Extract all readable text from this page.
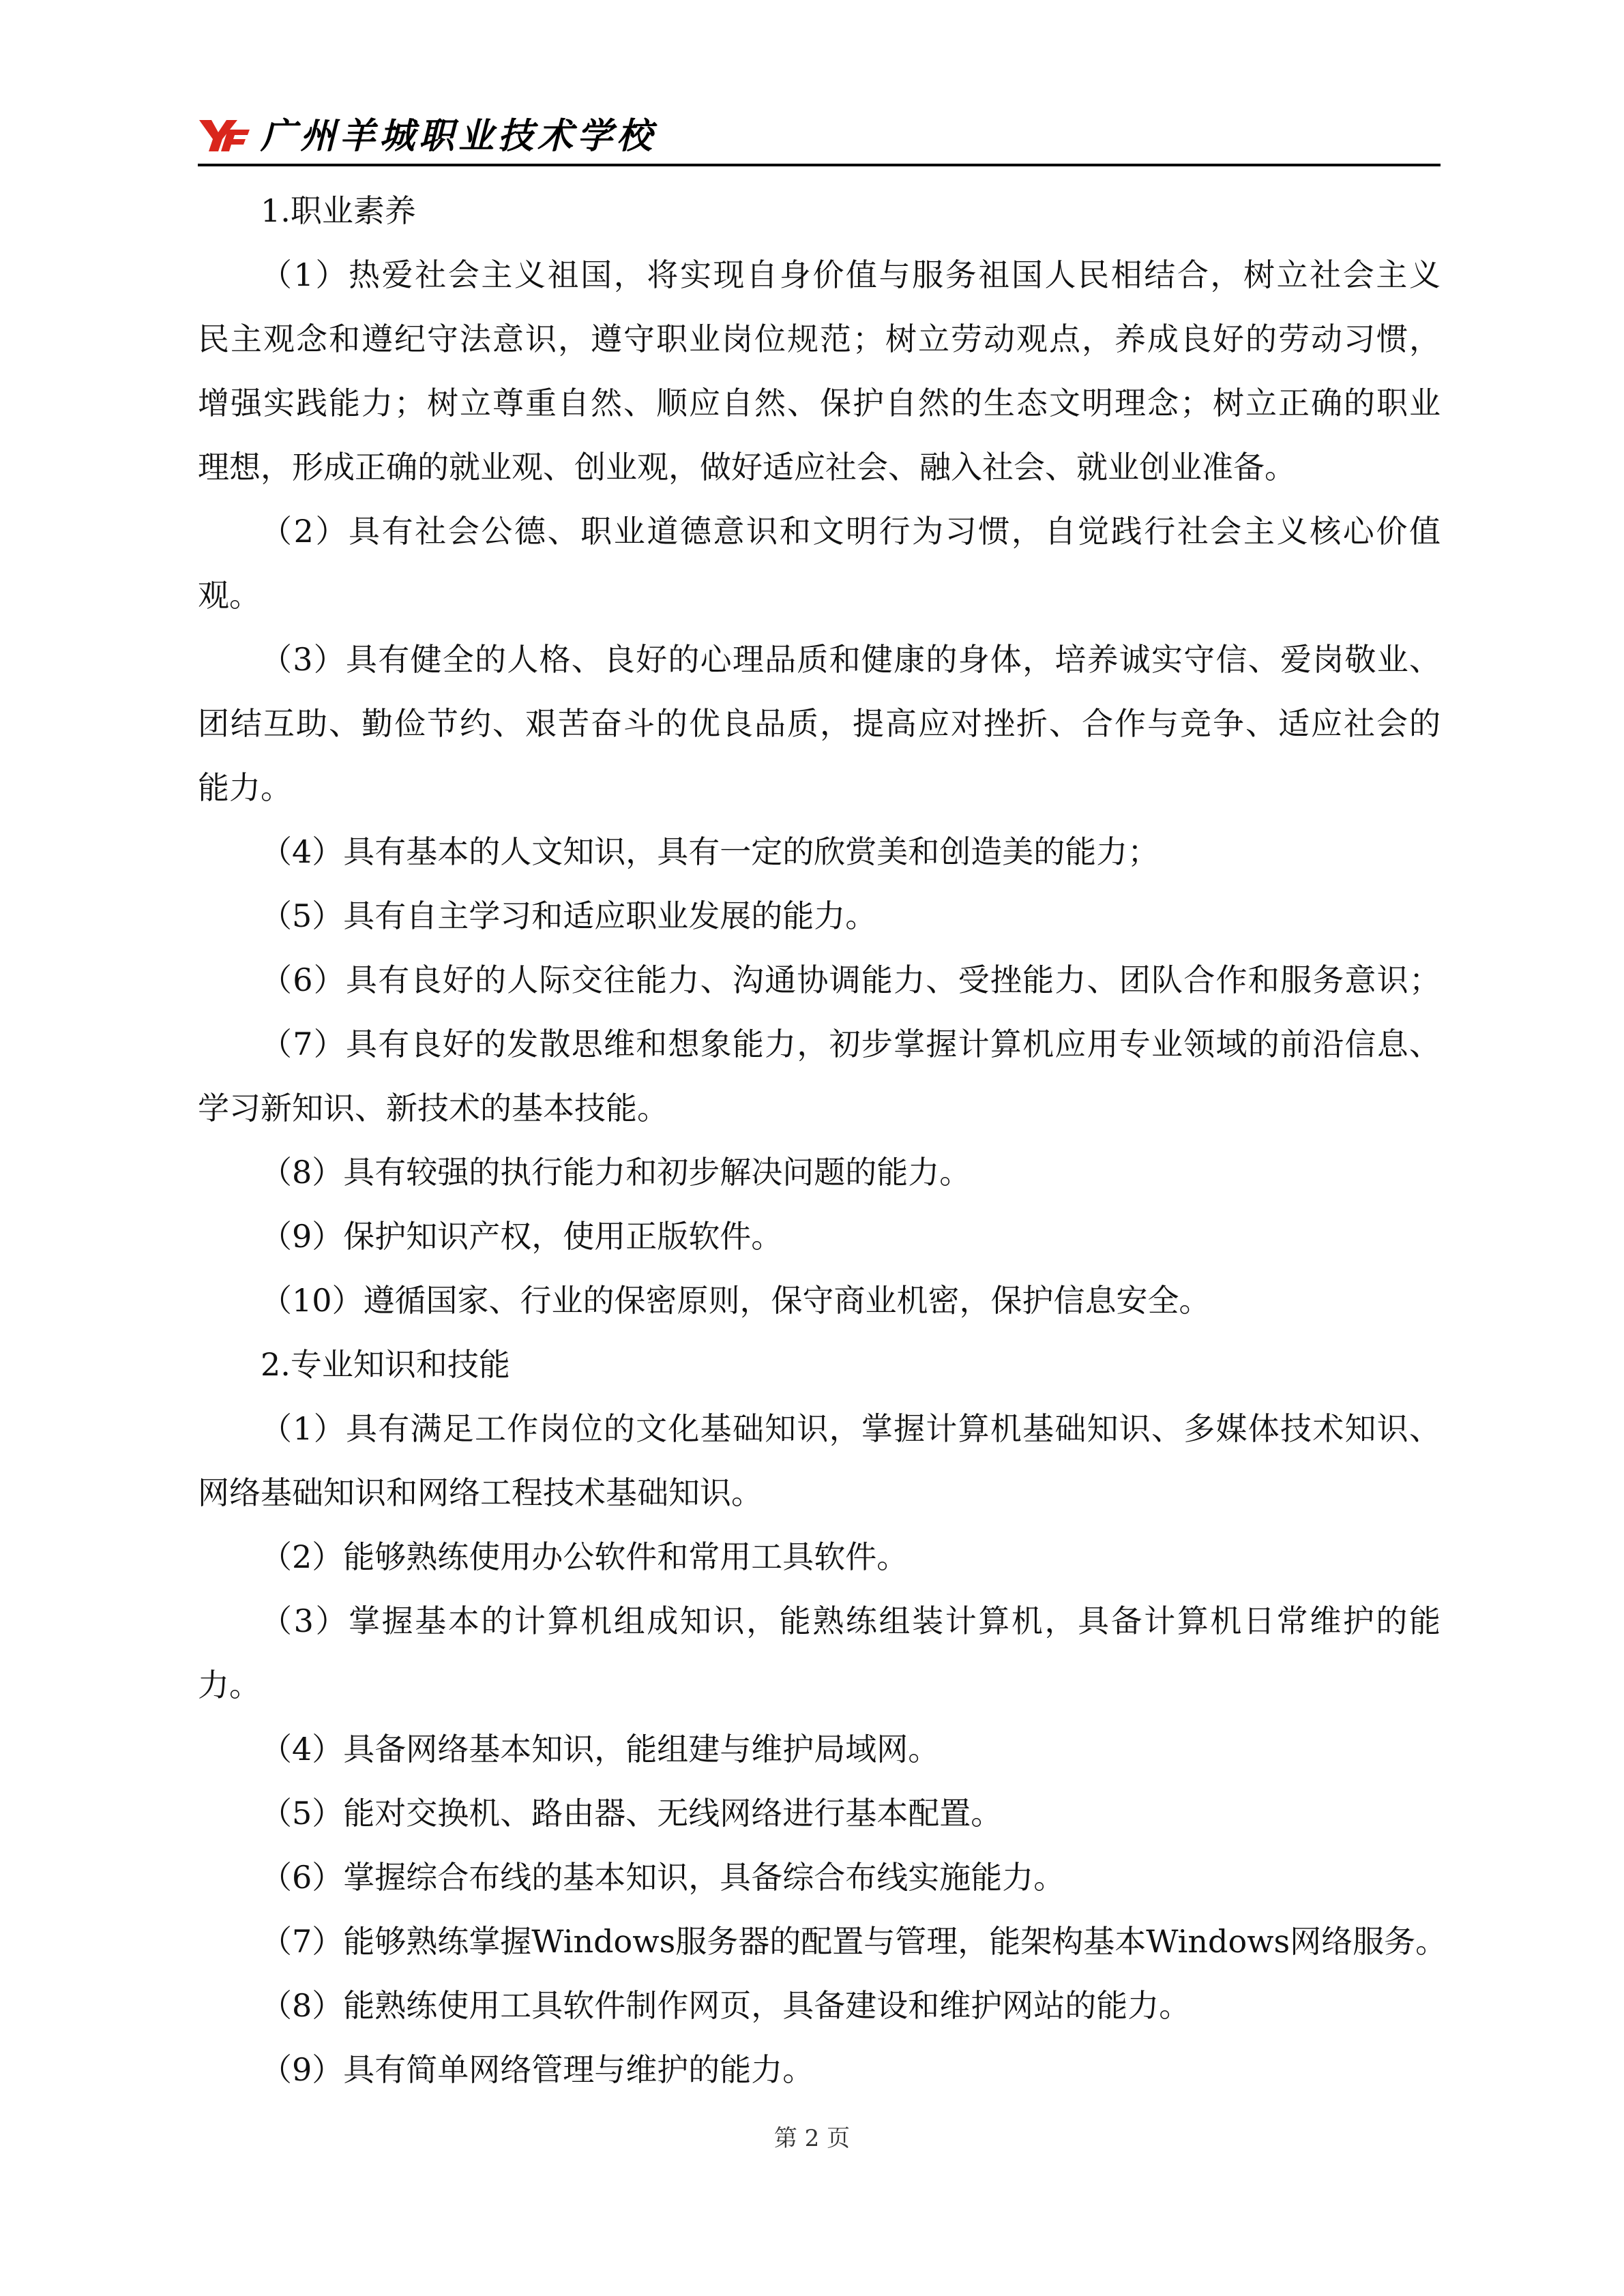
广州羊城职业技术学校
1.职业素养
（1）热爱社会主义祖国，将实现自身价值与服务祖国人民相结合，树立社会主义
民主观念和遵纪守法意识，遵守职业岗位规范；树立劳动观点，养成良好的劳动习惯，
增强实践能力；树立尊重自然、顺应自然、保护自然的生态文明理念；树立正确的职业
理想，形成正确的就业观、创业观，做好适应社会、融入社会、就业创业准备。
（2）具有社会公德、职业道德意识和文明行为习惯，自觉践行社会主义核心价值
观。
（3）具有健全的人格、良好的心理品质和健康的身体，培养诚实守信、爱岗敬业、
团结互助、勤俭节约、艰苦奋斗的优良品质，提高应对挫折、合作与竞争、适应社会的
能力。
（4）具有基本的人文知识，具有一定的欣赏美和创造美的能力；
（5）具有自主学习和适应职业发展的能力。
（6）具有良好的人际交往能力、沟通协调能力、受挫能力、团队合作和服务意识；
（7）具有良好的发散思维和想象能力，初步掌握计算机应用专业领域的前沿信息、
学习新知识、新技术的基本技能。
（8）具有较强的执行能力和初步解决问题的能力。
（9）保护知识产权，使用正版软件。
（10）遵循国家、行业的保密原则，保守商业机密，保护信息安全。
2.专业知识和技能
（1）具有满足工作岗位的文化基础知识，掌握计算机基础知识、多媒体技术知识、
网络基础知识和网络工程技术基础知识。
（2）能够熟练使用办公软件和常用工具软件。
（3）掌握基本的计算机组成知识，能熟练组装计算机，具备计算机日常维护的能
力。
（4）具备网络基本知识，能组建与维护局域网。
（5）能对交换机、路由器、无线网络进行基本配置。
（6）掌握综合布线的基本知识，具备综合布线实施能力。
（7）能够熟练掌握Windows服务器的配置与管理，能架构基本Windows网络服务。
（8）能熟练使用工具软件制作网页，具备建设和维护网站的能力。
（9）具有简单网络管理与维护的能力。
第 2 页
